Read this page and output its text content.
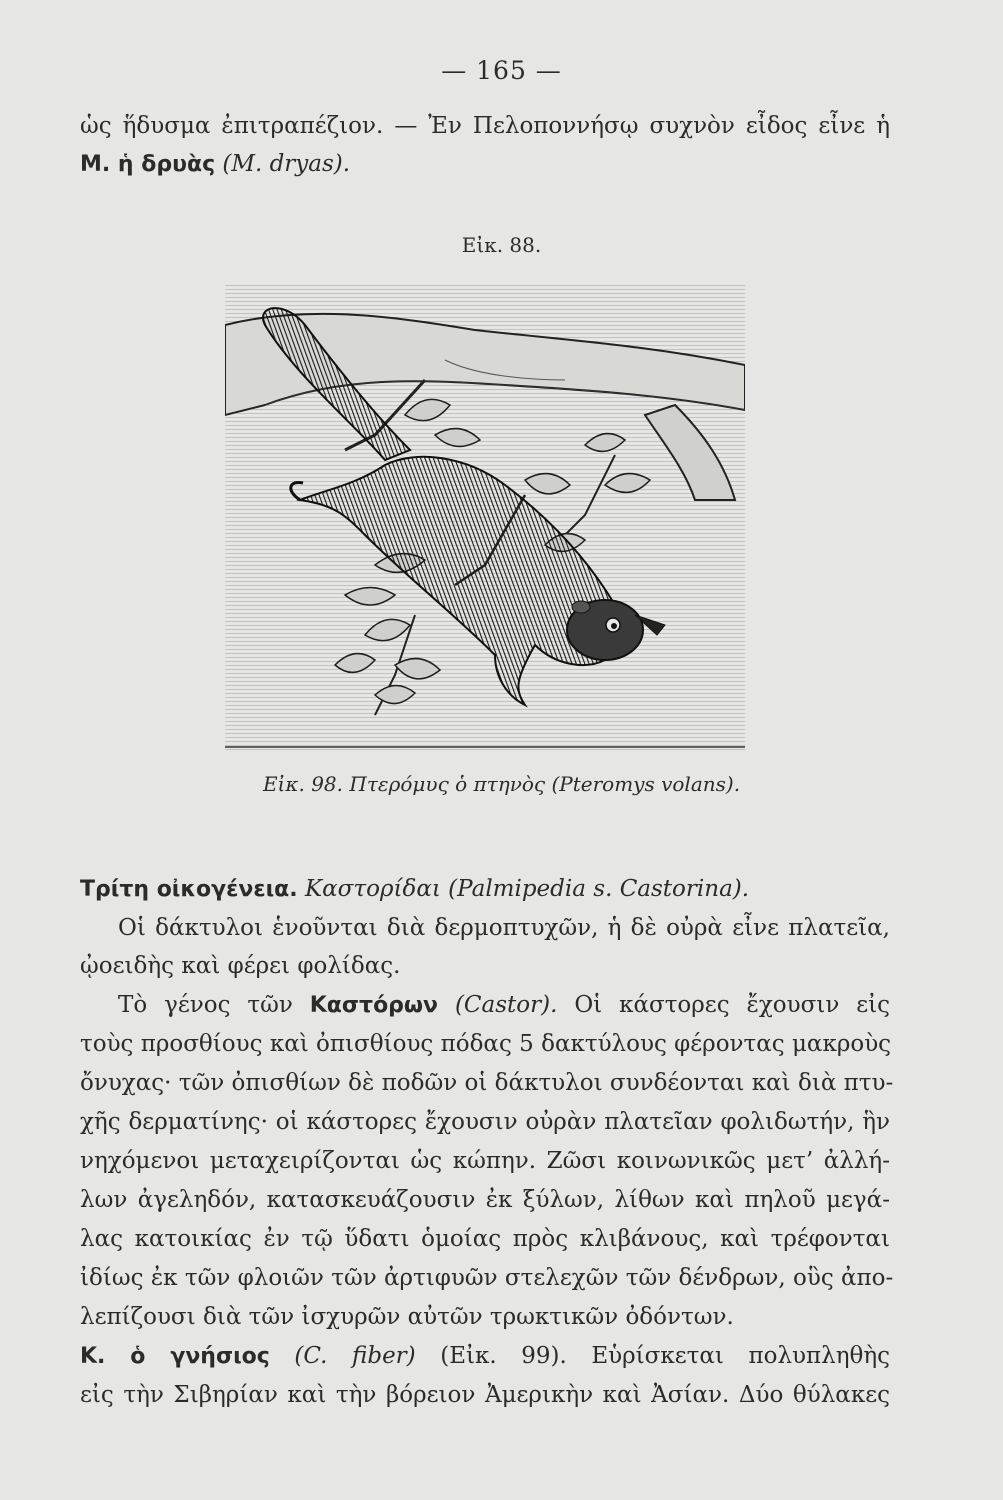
— 165 —
ὡς ἥδυσμα ἐπιτραπέζιον. — Ἐν Πελοποννήσῳ συχνὸν εἶδος εἶνε ἡ
Μ. ἡ δρυὰς (M. dryas).
Εἰκ. 88.
Εἰκ. 98. Πτερόμυς ὁ πτηνὸς (Pteromys volans).
Τρίτη οἰκογένεια. Καστορίδαι (Palmipedia s. Castorina).
Οἱ δάκτυλοι ἑνοῦνται διὰ δερμοπτυχῶν, ἡ δὲ οὐρὰ εἶνε πλατεῖα,
ᾠοειδὴς καὶ φέρει φολίδας.
Τὸ γένος τῶν Καστόρων (Castor). Οἱ κάστορες ἔχουσιν εἰς
τοὺς προσθίους καὶ ὀπισθίους πόδας 5 δακτύλους φέροντας μακροὺς
ὄνυχας· τῶν ὀπισθίων δὲ ποδῶν οἱ δάκτυλοι συνδέονται καὶ διὰ πτυ-
χῆς δερματίνης· οἱ κάστορες ἔχουσιν οὐρὰν πλατεῖαν φολιδωτήν, ἣν
νηχόμενοι μεταχειρίζονται ὡς κώπην. Ζῶσι κοινωνικῶς μετ’ ἀλλή-
λων ἀγεληδόν, κατασκευάζουσιν ἐκ ξύλων, λίθων καὶ πηλοῦ μεγά-
λας κατοικίας ἐν τῷ ὕδατι ὁμοίας πρὸς κλιβάνους, καὶ τρέφονται
ἰδίως ἐκ τῶν φλοιῶν τῶν ἀρτιφυῶν στελεχῶν τῶν δένδρων, οὓς ἀπο-
λεπίζουσι διὰ τῶν ἰσχυρῶν αὐτῶν τρωκτικῶν ὀδόντων.
Κ. ὁ γνήσιος (C. fiber) (Εἰκ. 99). Εὑρίσκεται πολυπληθὴς
εἰς τὴν Σιβηρίαν καὶ τὴν βόρειον Ἀμερικὴν καὶ Ἀσίαν. Δύο θύλακες
